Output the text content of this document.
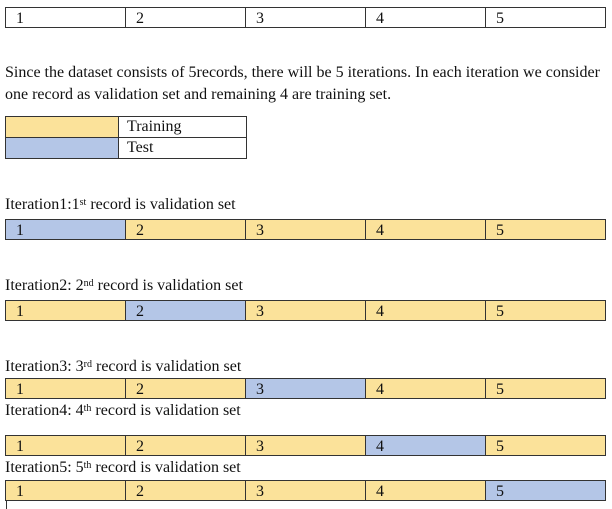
1	2	3	4	5
Since the dataset consists of 5records, there will be 5 iterations. In each iteration we consider one record as validation set and remaining 4 are training set.
	Training
	Test
Iteration1:1st record is validation set
1	2	3	4	5
Iteration2: 2nd record is validation set
1	2	3	4	5
Iteration3: 3rd record is validation set
1	2	3	4	5
Iteration4: 4th record is validation set
1	2	3	4	5
Iteration5: 5th record is validation set
1	2	3	4	5
